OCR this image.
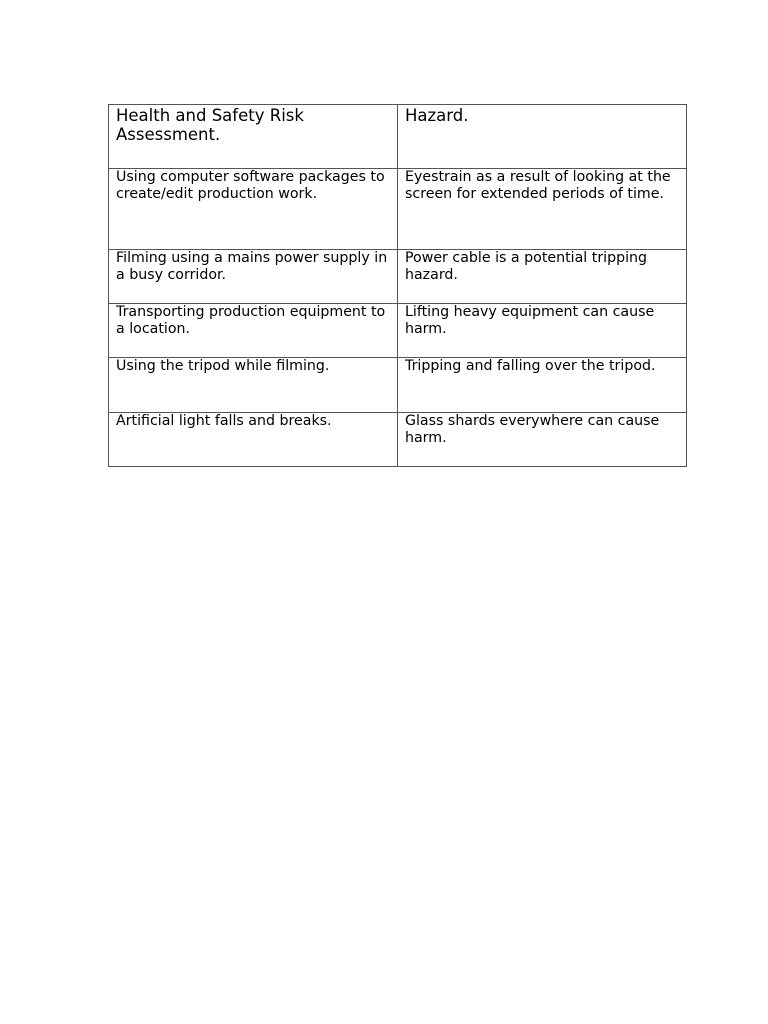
Health and Safety Risk Assessment.	Hazard.
Using computer software packages to create/edit production work.	Eyestrain as a result of looking at the screen for extended periods of time.
Filming using a mains power supply in a busy corridor.	Power cable is a potential tripping hazard.
Transporting production equipment to a location.	Lifting heavy equipment can cause harm.
Using the tripod while filming.	Tripping and falling over the tripod.
Artificial light falls and breaks.	Glass shards everywhere can cause harm.
